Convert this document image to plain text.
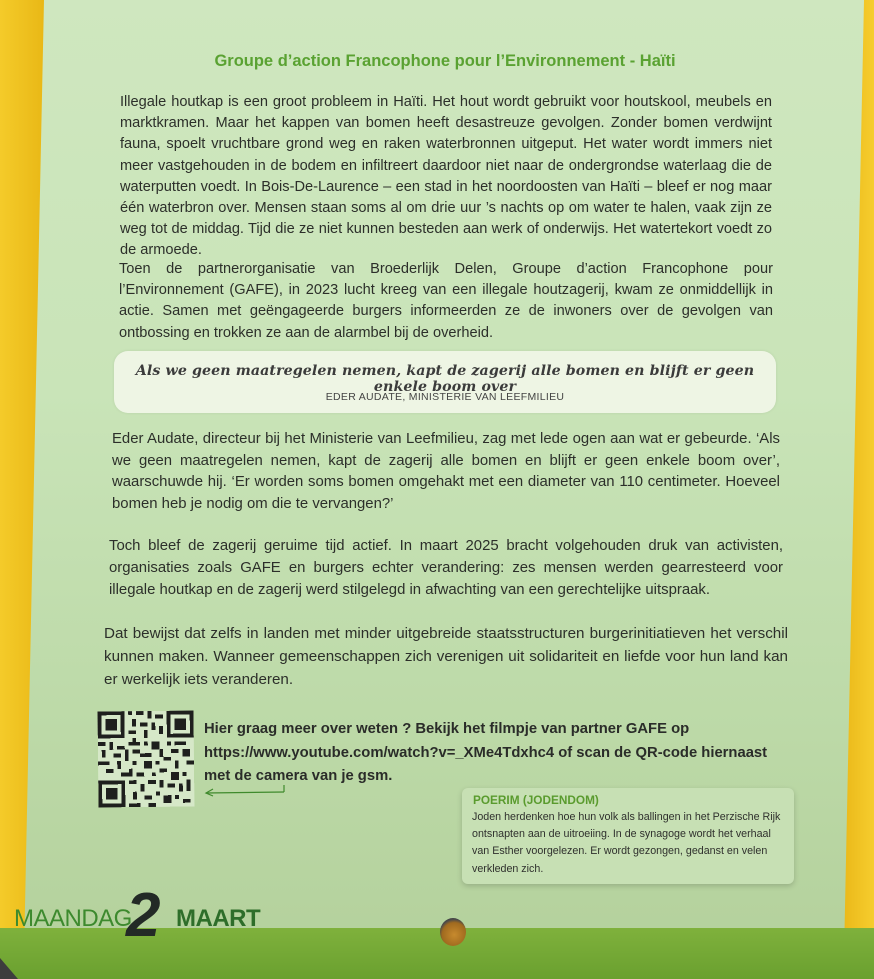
Groupe d’action Francophone pour l’Environnement - Haïti

Illegale houtkap is een groot probleem in Haïti. Het hout wordt gebruikt voor houtskool, meubels en marktkramen. Maar het kappen van bomen heeft desastreuze gevolgen. Zonder bomen verdwijnt fauna, spoelt vruchtbare grond weg en raken waterbronnen uitgeput. Het water wordt immers niet meer vastgehouden in de bodem en infiltreert daardoor niet naar de ondergrondse waterlaag die de waterputten voedt. In Bois-De-Laurence – een stad in het noordoosten van Haïti – bleef er nog maar één waterbron over. Mensen staan soms al om drie uur ’s nachts op om water te halen, vaak zijn ze weg tot de middag. Tijd die ze niet kunnen besteden aan werk of onderwijs. Het watertekort voedt zo de armoede.

Toen de partnerorganisatie van Broederlijk Delen, Groupe d’action Francophone pour l’Environnement (GAFE), in 2023 lucht kreeg van een illegale houtzagerij, kwam ze onmiddellijk in actie. Samen met geëngageerde burgers informeerden ze de inwoners over de gevolgen van ontbossing en trokken ze aan de alarmbel bij de overheid.

Als we geen maatregelen nemen, kapt de zagerij alle bomen en blijft er geen enkele boom over
EDER AUDATE, MINISTERIE VAN LEEFMILIEU

Eder Audate, directeur bij het Ministerie van Leefmilieu, zag met lede ogen aan wat er gebeurde. ‘Als we geen maatregelen nemen, kapt de zagerij alle bomen en blijft er geen enkele boom over’, waarschuwde hij. ‘Er worden soms bomen omgehakt met een diameter van 110 centimeter. Hoeveel bomen heb je nodig om die te vervangen?’

Toch bleef de zagerij geruime tijd actief. In maart 2025 bracht volgehouden druk van activisten, organisaties zoals GAFE en burgers echter verandering: zes mensen werden gearresteerd voor illegale houtkap en de zagerij werd stilgelegd in afwachting van een gerechtelijke uitspraak.

Dat bewijst dat zelfs in landen met minder uitgebreide staatsstructuren burgerinitiatieven het verschil kunnen maken. Wanneer gemeenschappen zich verenigen uit solidariteit en liefde voor hun land kan er werkelijk iets veranderen.

Hier graag meer over weten ? Bekijk het filmpje van partner GAFE op
https://www.youtube.com/watch?v=_XMe4Tdxhc4 of scan de QR-code hiernaast
met de camera van je gsm.
POERIM (JODENDOM)
Joden herdenken hoe hun volk als ballingen in het Perzische Rijk ontsnapten aan de uitroeiing. In de synagoge wordt het verhaal van Esther voorgelezen. Er wordt gezongen, gedanst en velen verkleden zich.
MAANDAG
2 MAART
